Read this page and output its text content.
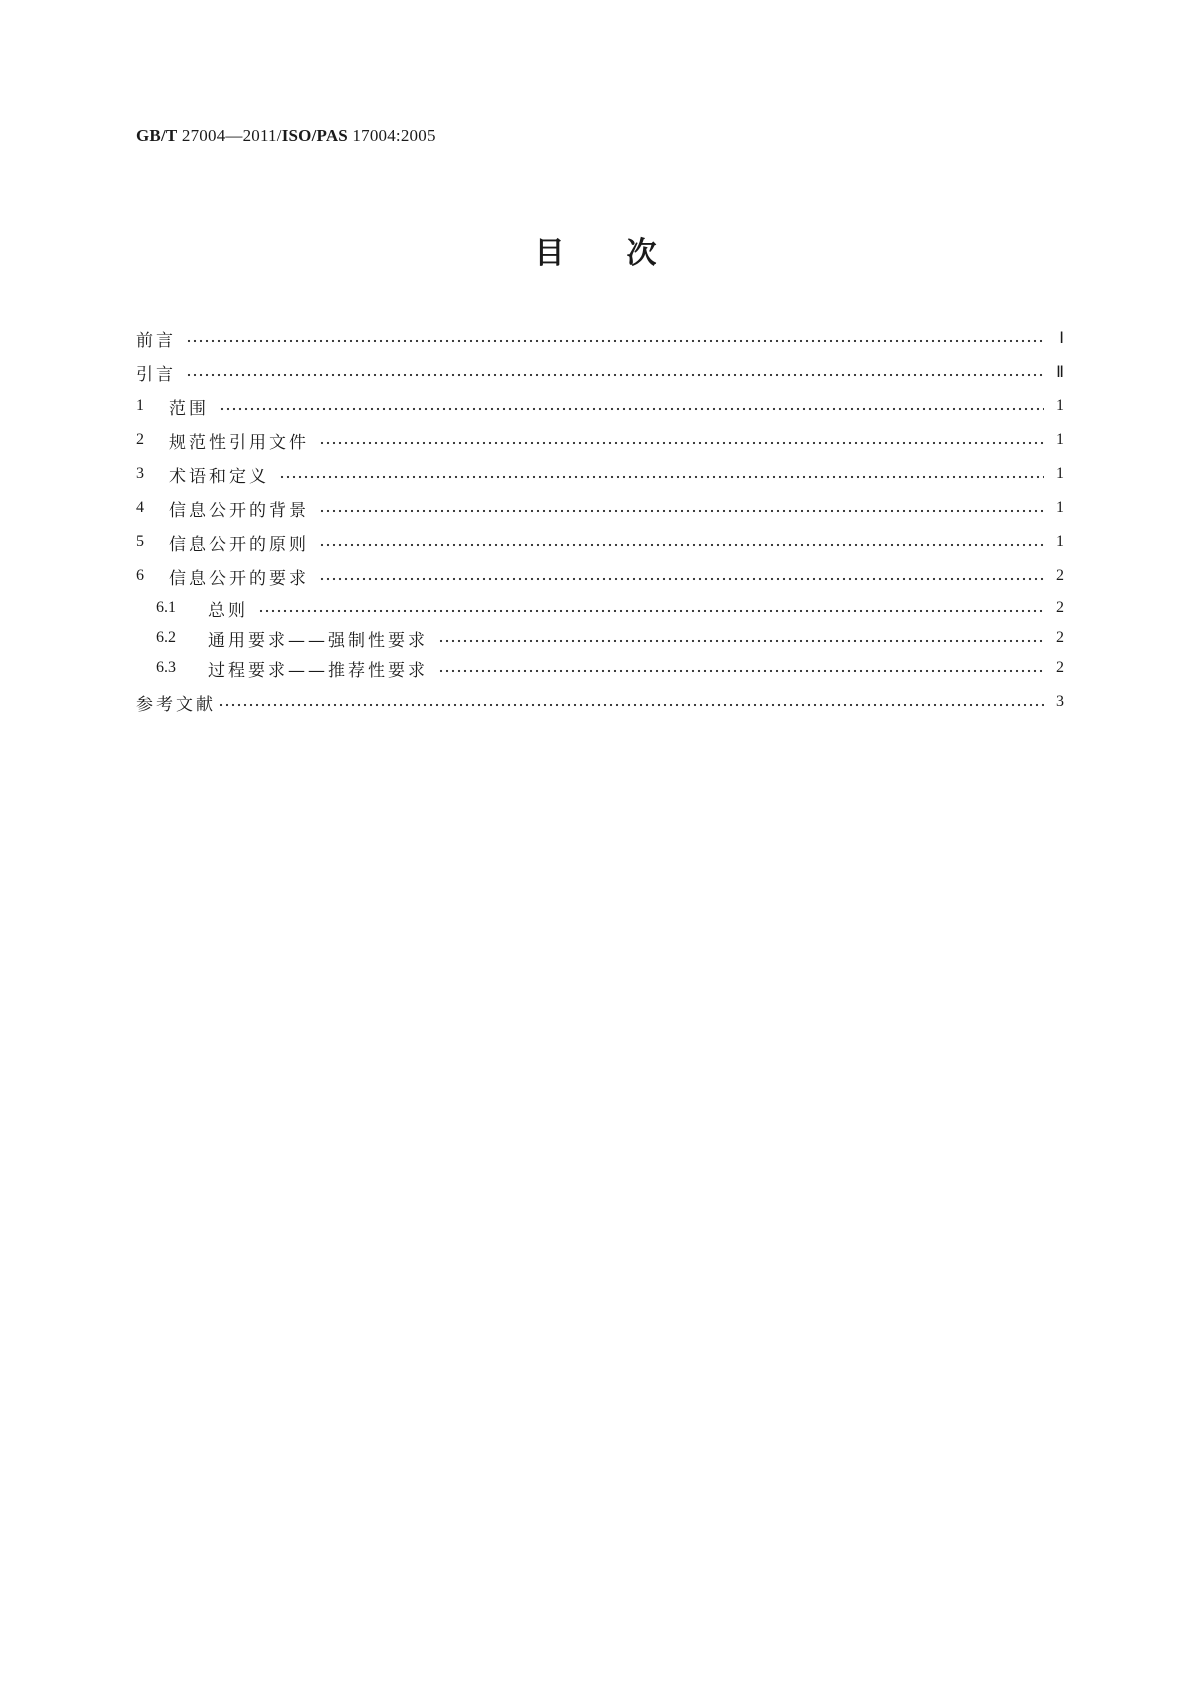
GB/T 27004—2011/ISO/PAS 17004:2005
目次
前言	Ⅰ
引言	Ⅱ
1	范围	1
2	规范性引用文件	1
3	术语和定义	1
4	信息公开的背景	1
5	信息公开的原则	1
6	信息公开的要求	2
6.1	总则	2
6.2	通用要求——强制性要求	2
6.3	过程要求——推荐性要求	2
参考文献	3
